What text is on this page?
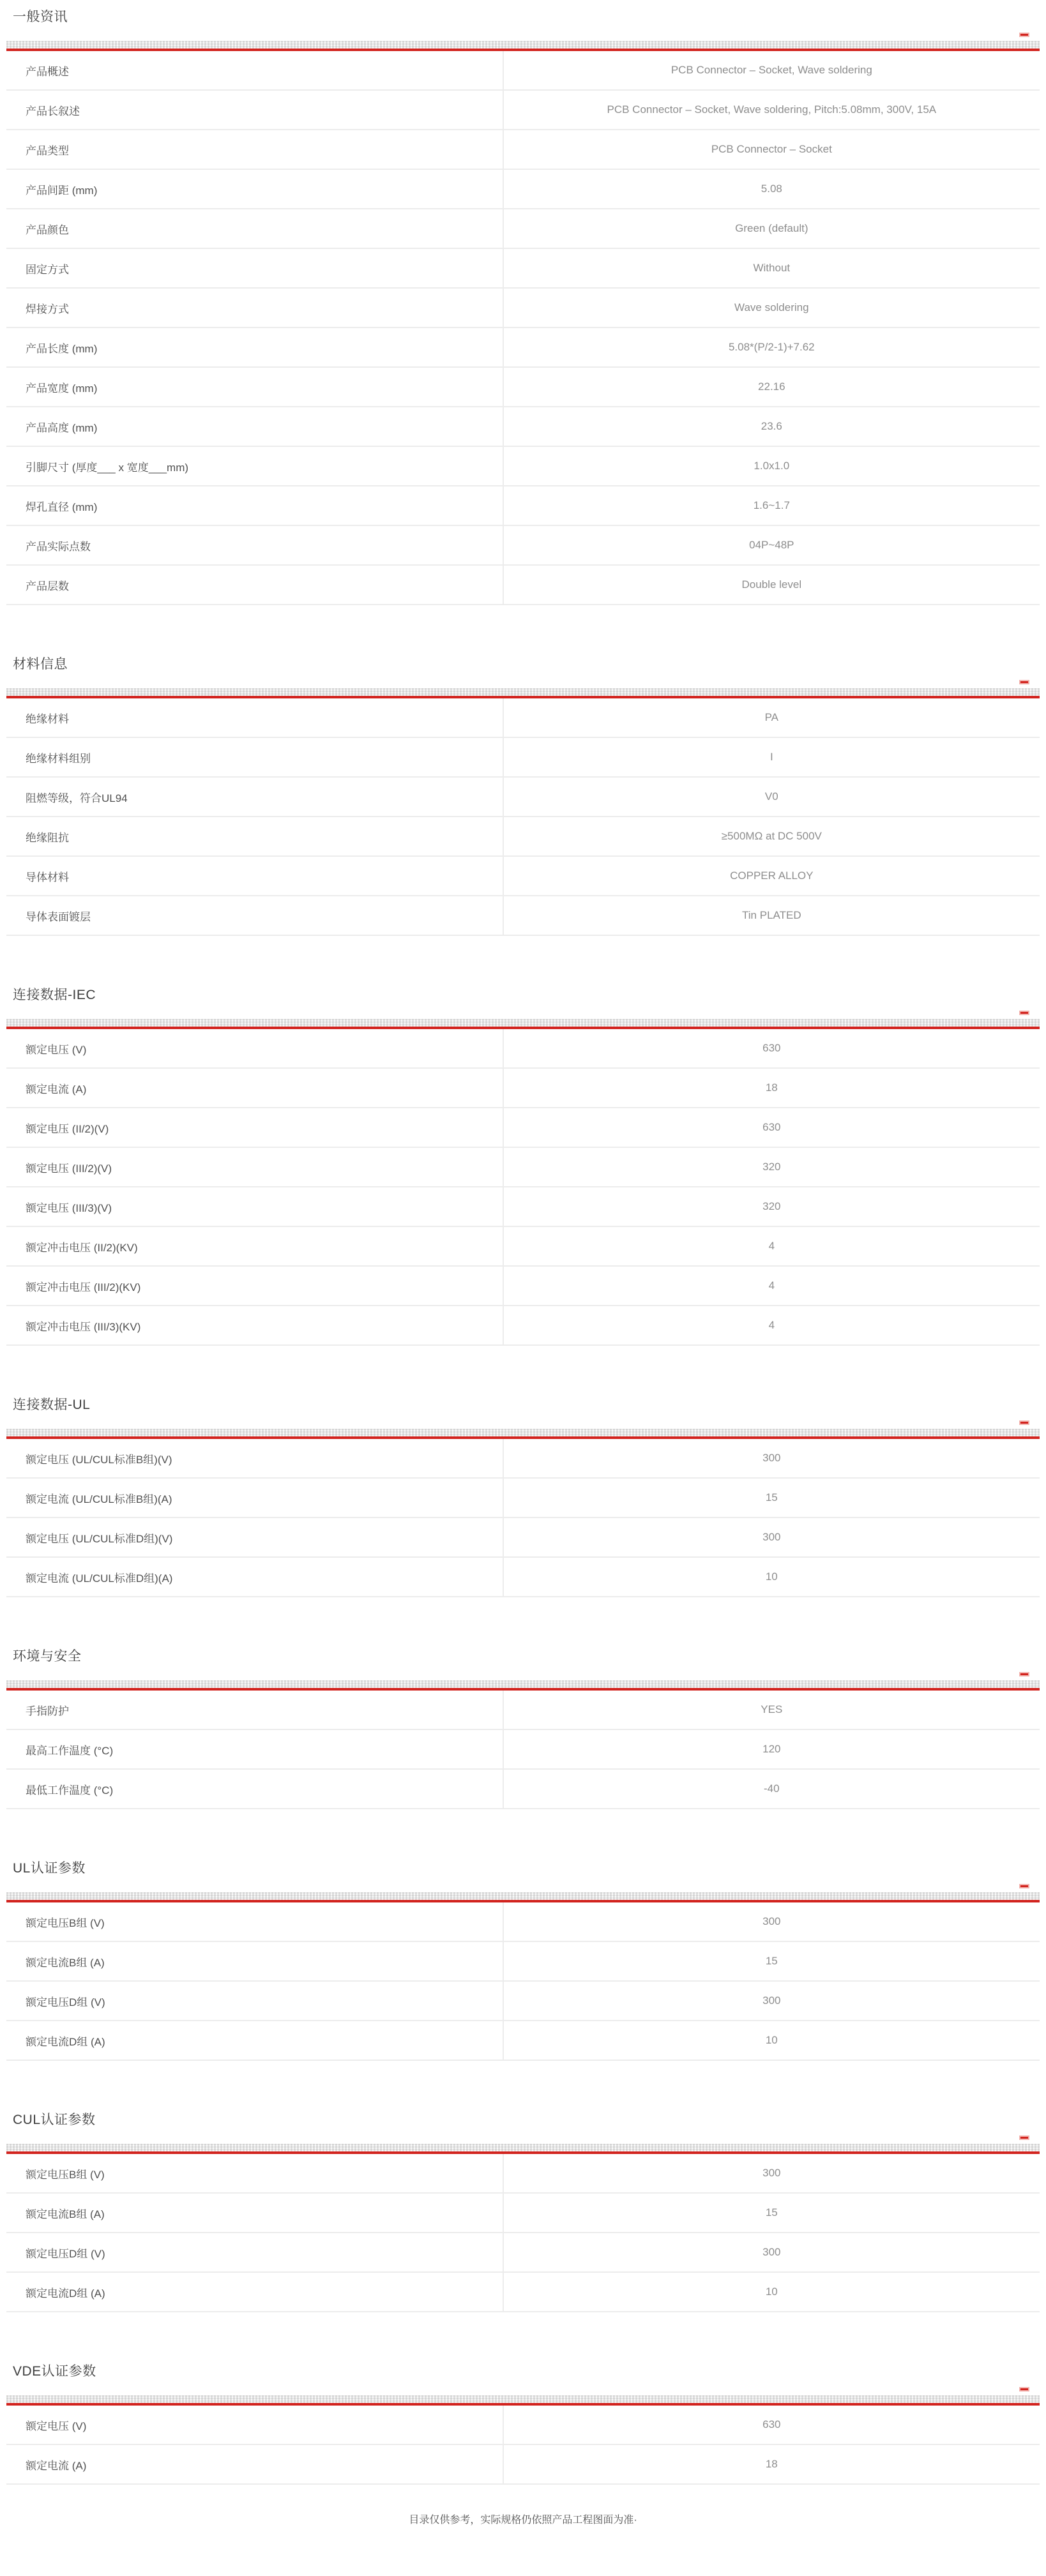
一般资讯
产品概述	PCB Connector – Socket, Wave soldering
产品长叙述	PCB Connector – Socket, Wave soldering, Pitch:5.08mm, 300V, 15A
产品类型	PCB Connector – Socket
产品间距 (mm)	5.08
产品颜色	Green (default)
固定方式	Without
焊接方式	Wave soldering
产品长度 (mm)	5.08*(P/2-1)+7.62
产品宽度 (mm)	22.16
产品高度 (mm)	23.6
引脚尺寸 (厚度___ x 宽度___mm)	1.0x1.0
焊孔直径 (mm)	1.6~1.7
产品实际点数	04P~48P
产品层数	Double level
材料信息
绝缘材料	PA
绝缘材料组别	I
阻燃等级，符合UL94	V0
绝缘阻抗	≥500MΩ at DC 500V
导体材料	COPPER ALLOY
导体表面镀层	Tin PLATED
连接数据-IEC
额定电压 (V)	630
额定电流 (A)	18
额定电压 (II/2)(V)	630
额定电压 (III/2)(V)	320
额定电压 (III/3)(V)	320
额定冲击电压 (II/2)(KV)	4
额定冲击电压 (III/2)(KV)	4
额定冲击电压 (III/3)(KV)	4
连接数据-UL
额定电压 (UL/CUL标准B组)(V)	300
额定电流 (UL/CUL标准B组)(A)	15
额定电压 (UL/CUL标准D组)(V)	300
额定电流 (UL/CUL标准D组)(A)	10
环境与安全
手指防护	YES
最高工作温度 (°C)	120
最低工作温度 (°C)	-40
UL认证参数
额定电压B组 (V)	300
额定电流B组 (A)	15
额定电压D组 (V)	300
额定电流D组 (A)	10
CUL认证参数
额定电压B组 (V)	300
额定电流B组 (A)	15
额定电压D组 (V)	300
额定电流D组 (A)	10
VDE认证参数
额定电压 (V)	630
额定电流 (A)	18
目录仅供参考，实际规格仍依照产品工程图面为准·
